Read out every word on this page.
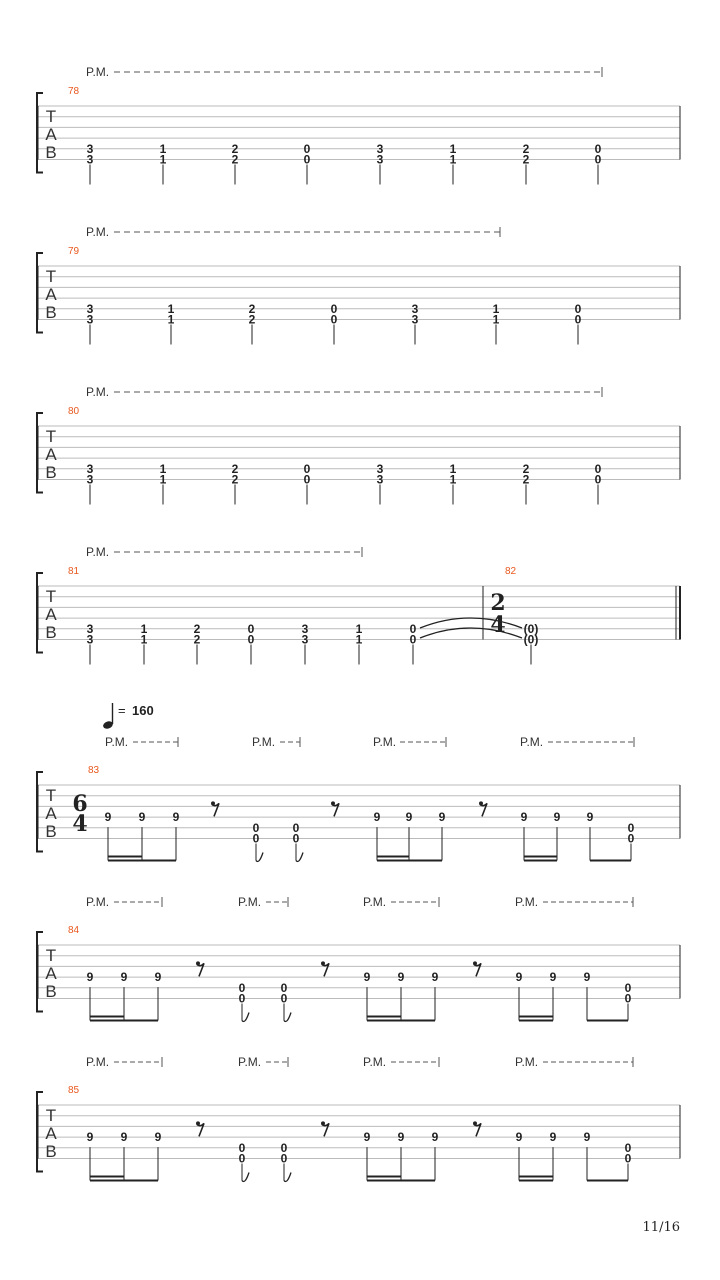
T
A
B
78
3
3
1
1
2
2
0
0
3
3
1
1
2
2
0
0
P.M.
T
A
B
79
3
3
1
1
2
2
0
0
3
3
1
1
0
0
P.M.
T
A
B
80
3
3
1
1
2
2
0
0
3
3
1
1
2
2
0
0
P.M.
T
A
B
81
3
3
1
1
2
2
0
0
3
3
1
1
0
0
P.M.
82
2
4 (0)
(0)
T
A
B
83
6
4 9 9 9
0
0
0
0
9 9 9	9 9 9
0
0
P.M.	P.M.	P.M.	P.M.
= 160
T
A
B
84
9 9 9
0
0
0
0
9 9 9	9 9 9
0
0
P.M.	P.M.	P.M.	P.M.
T
A
B
85
9 9 9
0
0
0
0
9 9 9	9 9 9
0
0
P.M.	P.M.	P.M.	P.M.
11/16
